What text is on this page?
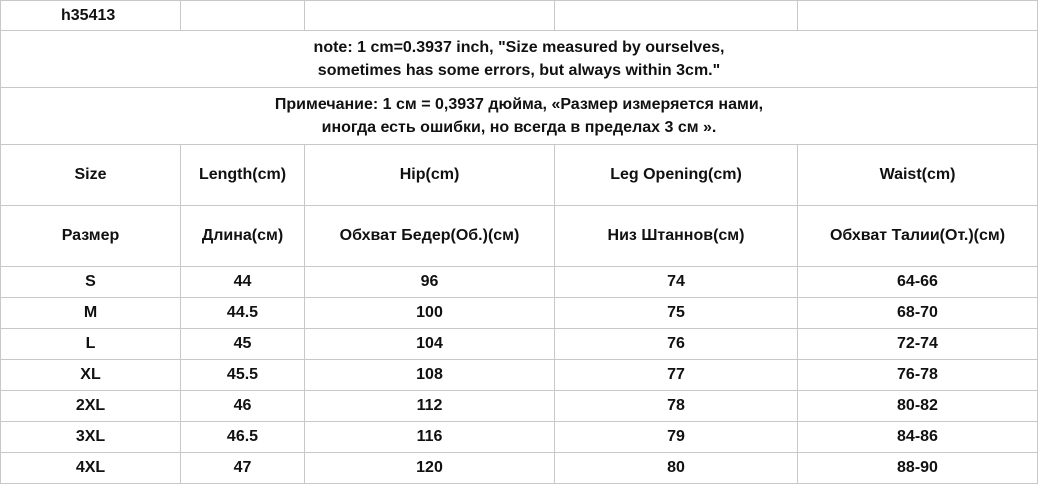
h35413				
note: 1 cm=0.3937 inch, "Size measured by ourselves,
sometimes has some errors, but always within 3cm."				
Примечание: 1 см = 0,3937 дюйма, «Размер измеряется нами,
иногда есть ошибки, но всегда в пределах 3 см ».				
Size	Length(cm)	Hip(cm)	Leg Opening(cm)	Waist(cm)
Размер	Длина(см)	Обхват Бедер(Об.)(см)	Низ Штаннов(см)	Обхват Талии(От.)(см)
S	44	96	74	64-66
M	44.5	100	75	68-70
L	45	104	76	72-74
XL	45.5	108	77	76-78
2XL	46	112	78	80-82
3XL	46.5	116	79	84-86
4XL	47	120	80	88-90
